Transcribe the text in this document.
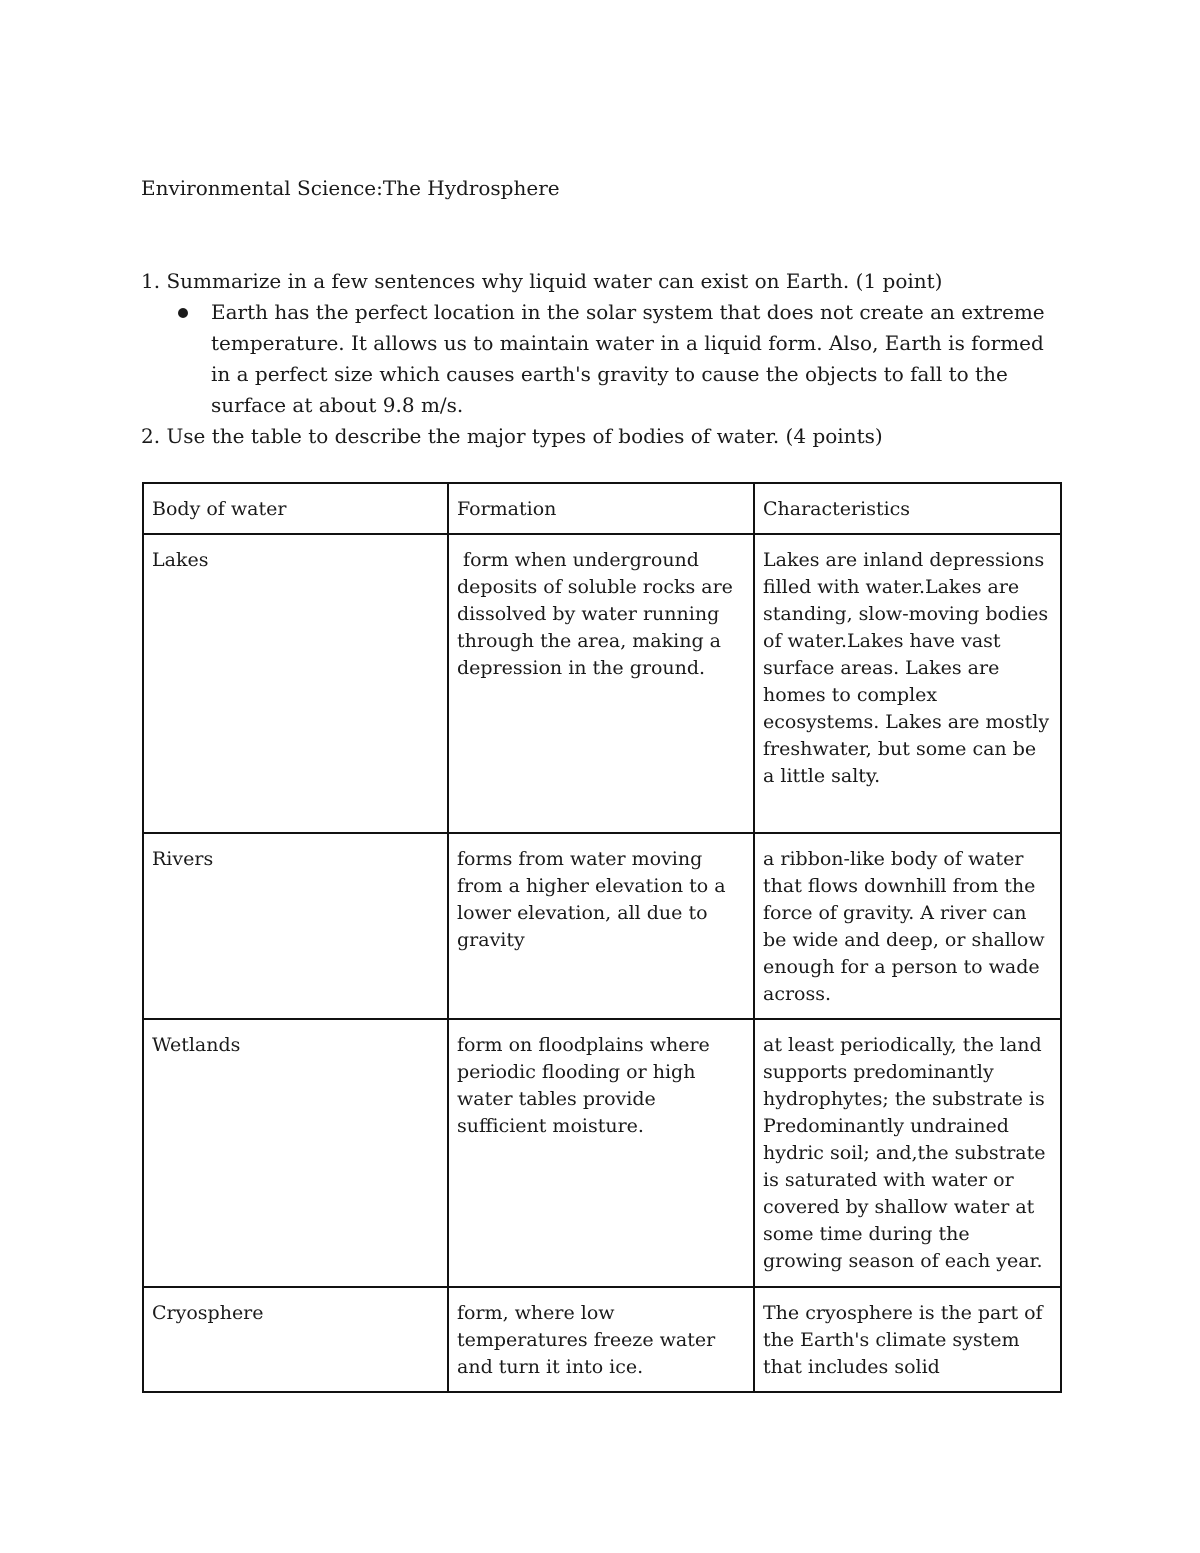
Environmental Science:The Hydrosphere
1. Summarize in a few sentences why liquid water can exist on Earth. (1 point)
Earth has the perfect location in the solar system that does not create an extreme temperature. It allows us to maintain water in a liquid form. Also, Earth is formed in a perfect size which causes earth's gravity to cause the objects to fall to the surface at about 9.8 m/s.
2. Use the table to describe the major types of bodies of water. (4 points)
Body of water	Formation	Characteristics
Lakes	form when underground deposits of soluble rocks are dissolved by water running through the area, making a depression in the ground.	Lakes are inland depressions filled with water.Lakes are standing, slow-moving bodies of water.Lakes have vast surface areas. Lakes are homes to complex ecosystems. Lakes are mostly freshwater, but some can be a little salty.
Rivers	forms from water moving from a higher elevation to a lower elevation, all due to gravity	a ribbon-like body of water that flows downhill from the force of gravity. A river can be wide and deep, or shallow enough for a person to wade across.
Wetlands	form on floodplains where periodic flooding or high water tables provide sufficient moisture.	at least periodically, the land supports predominantly hydrophytes; the substrate is Predominantly undrained hydric soil; and,the substrate is saturated with water or covered by shallow water at some time during the growing season of each year.
Cryosphere	form, where low temperatures freeze water and turn it into ice.	The cryosphere is the part of the Earth's climate system that includes solid
